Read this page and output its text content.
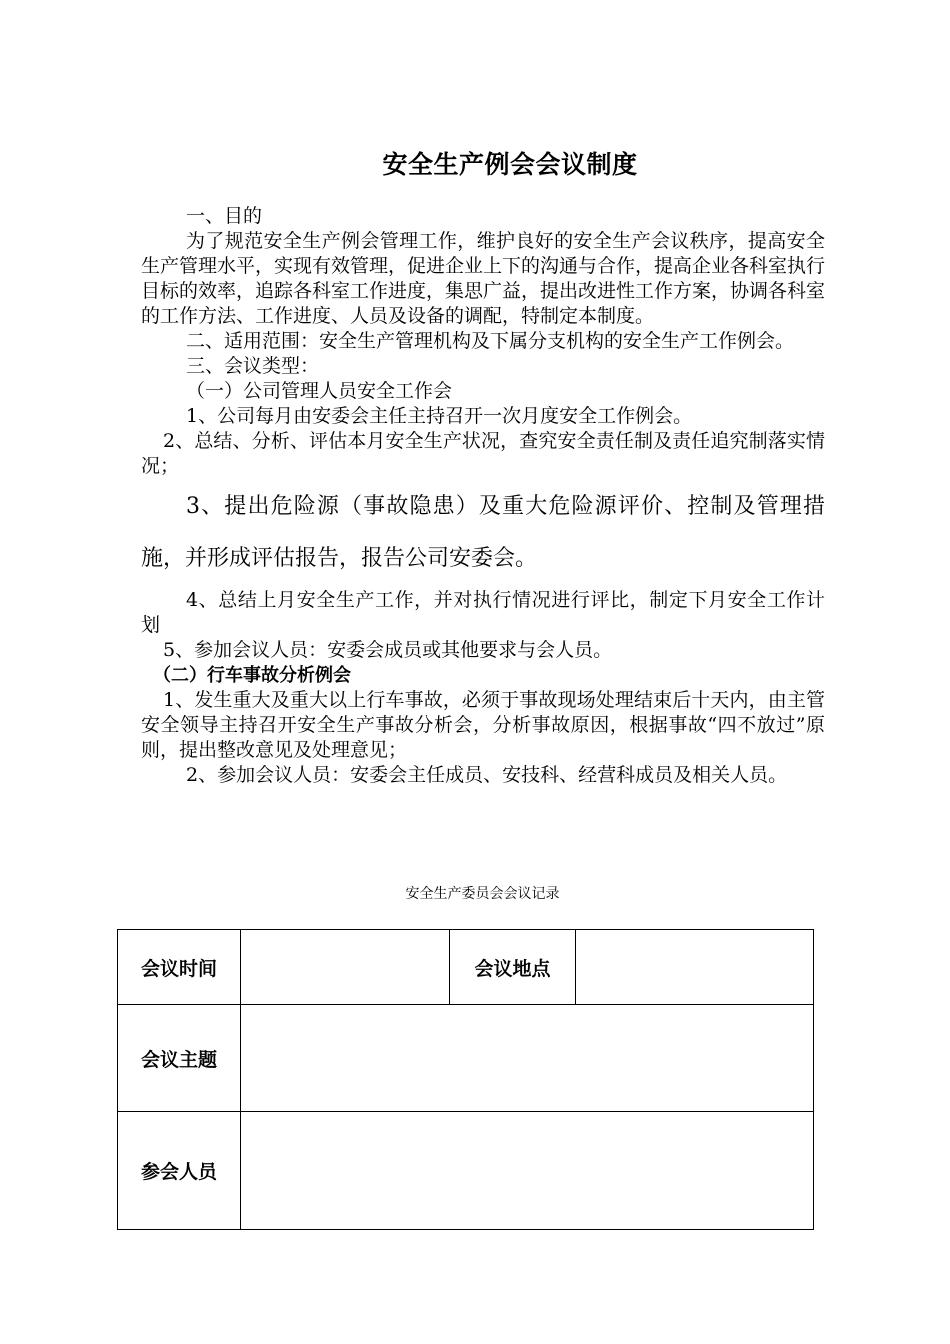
安全生产例会会议制度

一、目的

为了规范安全生产例会管理工作，维护良好的安全生产会议秩序，提高安全生产管理水平，实现有效管理，促进企业上下的沟通与合作，提高企业各科室执行目标的效率，追踪各科室工作进度，集思广益，提出改进性工作方案，协调各科室的工作方法、工作进度、人员及设备的调配，特制定本制度。

二、适用范围：安全生产管理机构及下属分支机构的安全生产工作例会。

三、会议类型：

（一）公司管理人员安全工作会

1、公司每月由安委会主任主持召开一次月度安全工作例会。

2、总结、分析、评估本月安全生产状况，查究安全责任制及责任追究制落实情况；

3、提出危险源（事故隐患）及重大危险源评价、控制及管理措施，并形成评估报告，报告公司安委会。

4、总结上月安全生产工作，并对执行情况进行评比，制定下月安全工作计划

5、参加会议人员：安委会成员或其他要求与会人员。

（二）行车事故分析例会

1、发生重大及重大以上行车事故，必须于事故现场处理结束后十天内，由主管安全领导主持召开安全生产事故分析会，分析事故原因，根据事故“四不放过”原则，提出整改意见及处理意见；

2、参加会议人员：安委会主任成员、安技科、经营科成员及相关人员。

安全生产委员会会议记录
会议时间		会议地点	
会议主题			
参会人员			
